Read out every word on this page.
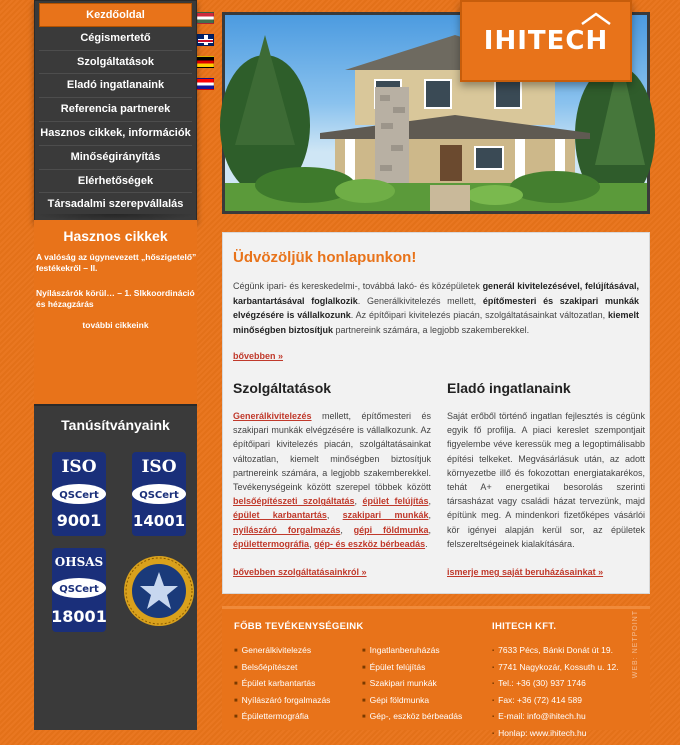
Kezdőoldal
Cégismertető
Szolgáltatások
Eladó ingatlanaink
Referencia partnerek
Hasznos cikkek, információk
Minőségirányítás
Elérhetőségek
Társadalmi szerepvállalás
IHITECH
Hasznos cikkek
A valóság az úgynevezett „hőszigetelő” festékekről – II.
Nyílászárók körül… – 1. Slkkoordináció és hézagzárás
további cikkeink
Tanúsítványaink
ISO
QSCert
9001
ISO
QSCert
14001
OHSAS
QSCert
18001
Üdvözöljük honlapunkon!
Cégünk ipari- és kereskedelmi-, továbbá lakó- és középületek generál kivitelezésével, felújításával, karbantartásával foglalkozik. Generálkivitelezés mellett, építőmesteri és szakipari munkák elvégzésére is vállalkozunk. Az építőipari kivitelezés piacán, szolgáltatásainkat változatlan, kiemelt minőségben biztosítjuk partnereink számára, a legjobb szakemberekkel.
bővebben »
Szolgáltatások
Generálkivitelezés mellett, építőmesteri és szakipari munkák elvégzésére is vállalkozunk. Az építőipari kivitelezés piacán, szolgáltatásainkat változatlan, kiemelt minőségben biztosítjuk partnereink számára, a legjobb szakemberekkel. Tevékenységeink között szerepel többek között belsőépítészeti szolgáltatás, épület felújítás, épület karbantartás, szakipari munkák, nyílászáró forgalmazás, gépi földmunka, épülettermográfia, gép- és eszköz bérbeadás.
bővebben szolgáltatásainkról »
Eladó ingatlanaink
Saját erőből történő ingatlan fejlesztés is cégünk egyik fő profilja. A piaci kereslet szempontjait figyelembe véve keressük meg a legoptimálisabb építési telkeket. Megvásárlásuk után, az adott környezetbe illő és fokozottan energiatakarékos, tehát A+ energetikai besorolás szerinti társasházat vagy családi házat tervezünk, majd építünk meg. A mindenkori fizetőképes vásárlói kör igényei alapján kerül sor, az épületek felszereltségeinek kialakítására.
ismerje meg saját beruházásainkat »
FŐBB TEVÉKENYSÉGEINK
■ Generálkivitelezés
■ Belsőépítészet
■ Épület karbantartás
■ Nyílászáró forgalmazás
■ Épülettermográfia
■ Ingatlanberuházás
■ Épület felújítás
■ Szakipari munkák
■ Gépi földmunka
■ Gép-, eszköz bérbeadás
IHITECH KFT.
▪ 7633 Pécs, Bánki Donát út 19.
▪ 7741 Nagykozár, Kossuth u. 12.
▪ Tel.: +36 (30) 937 1746
▪ Fax: +36 (72) 414 589
▪ E-mail: info@ihitech.hu
▪ Honlap: www.ihitech.hu
WEB: NETPOINT
